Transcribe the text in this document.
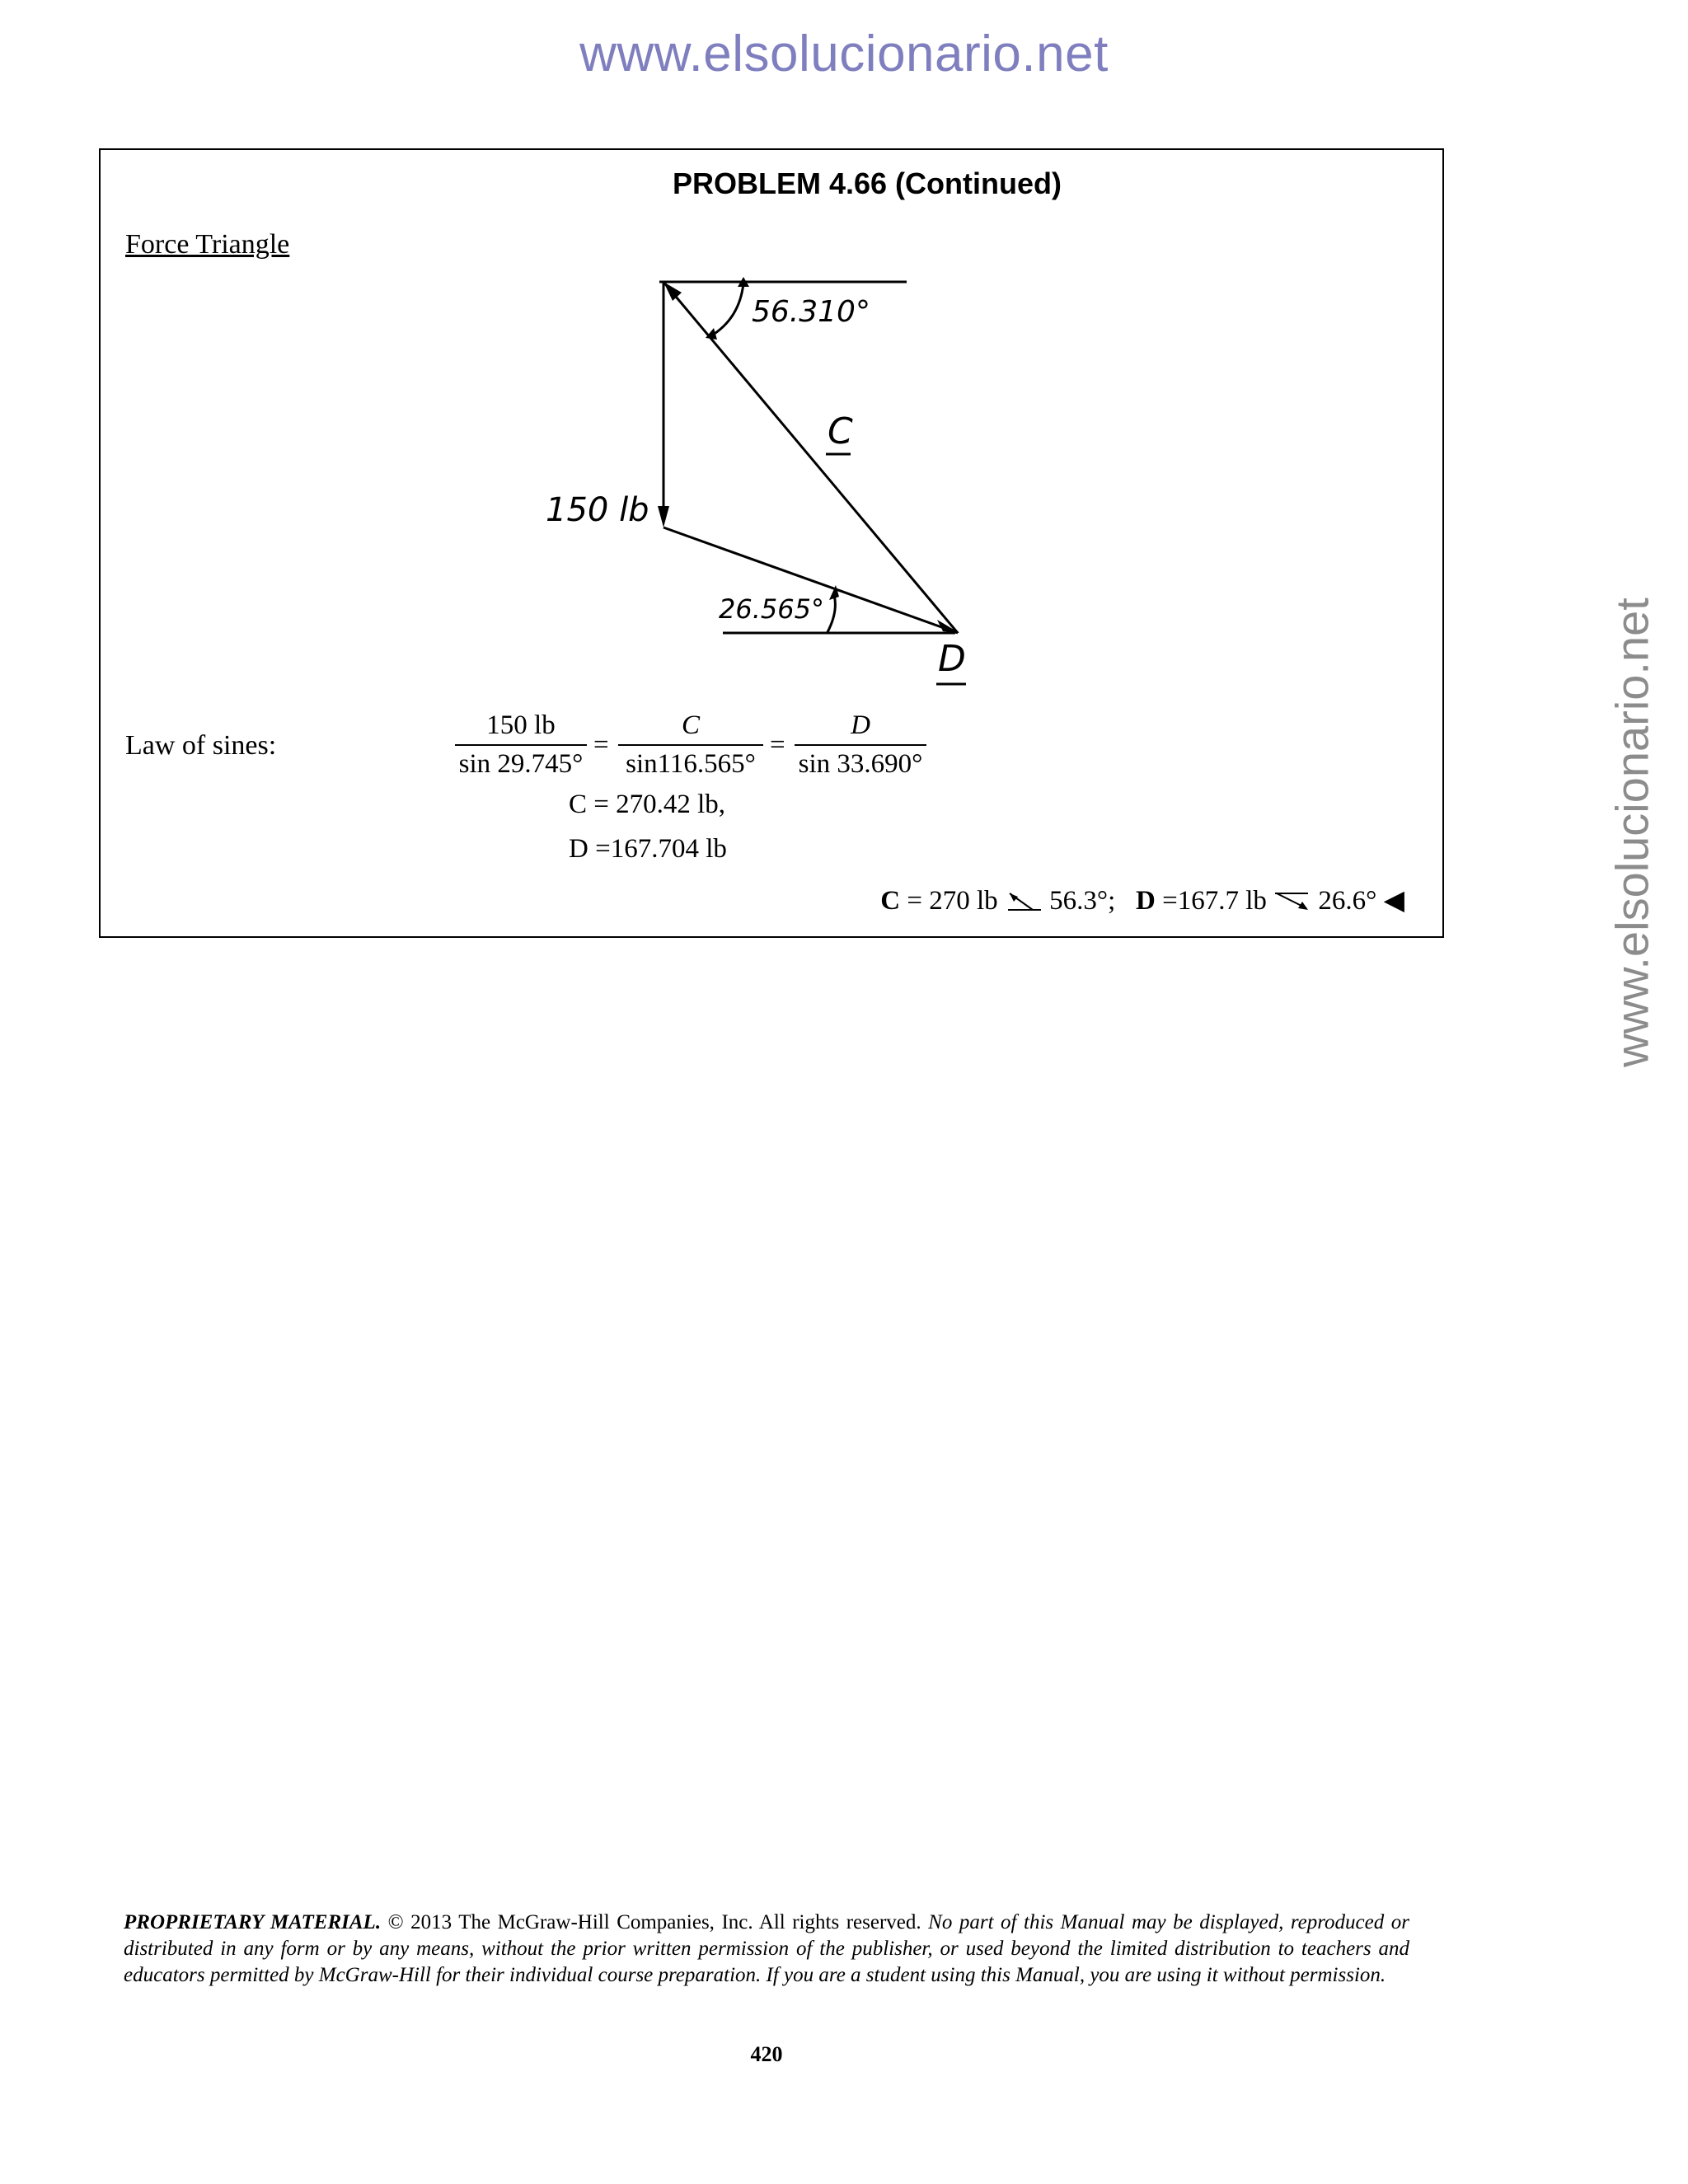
www.elsolucionario.net
www.elsolucionario.net
PROBLEM 4.66 (Continued)
Force Triangle
56.310°
C
150 lb
26.565°
D
Law of sines:	$\frac{150 lb}{\sin 29.745^\circ} = \frac{C}{\sin 116.565^\circ} = \frac{D}{\sin 33.690^\circ}$
C = 270.42 lb,
D =167.704 lb
C = 270 lb 56.3°; D =167.7 lb 26.6° ◀
PROPRIETARY MATERIAL. © 2013 The McGraw-Hill Companies, Inc. All rights reserved. No part of this Manual may be displayed, reproduced or distributed in any form or by any means, without the prior written permission of the publisher, or used beyond the limited distribution to teachers and educators permitted by McGraw-Hill for their individual course preparation. If you are a student using this Manual, you are using it without permission.
420
